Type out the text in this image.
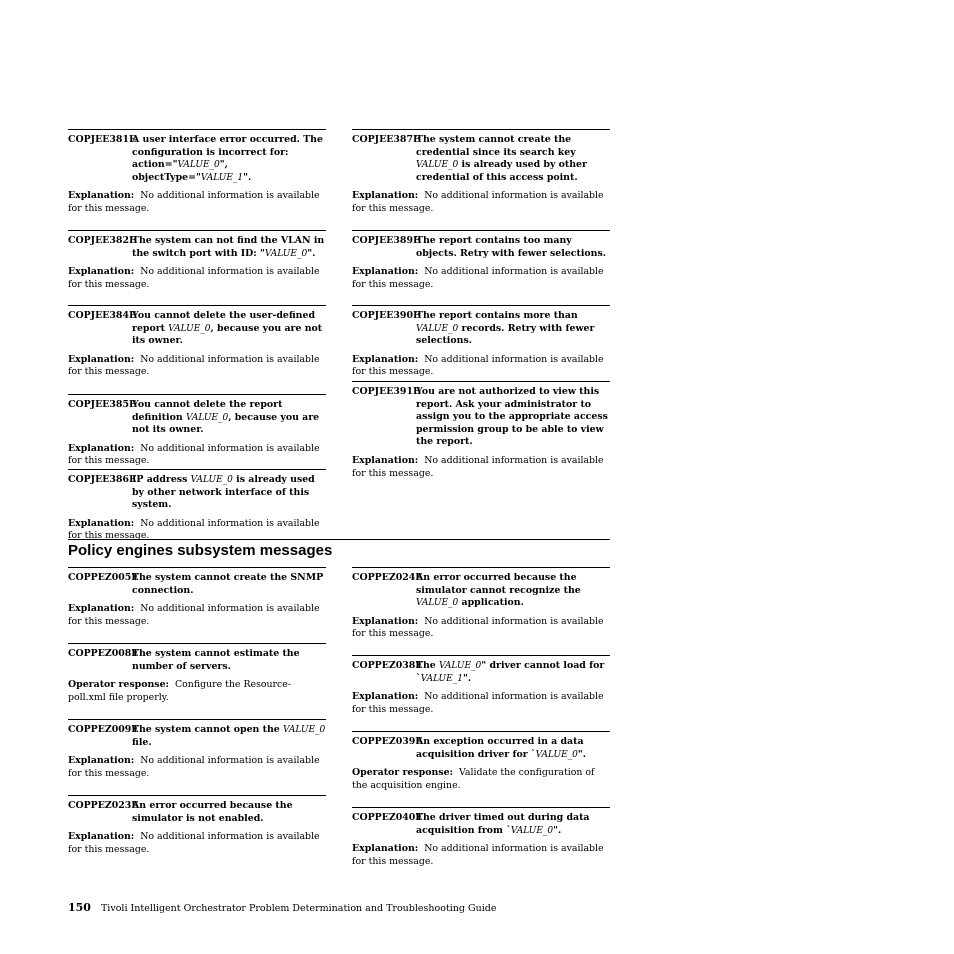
COPJEE381E
A user interface error occurred. The configuration is incorrect for: action="VALUE_0", objectType="VALUE_1".
Explanation: No additional information is available for this message.
COPJEE382E
The system can not find the VLAN in the switch port with ID: "VALUE_0".
Explanation: No additional information is available for this message.
COPJEE384E
You cannot delete the user-defined report VALUE_0, because you are not its owner.
Explanation: No additional information is available for this message.
COPJEE385E
You cannot delete the report definition VALUE_0, because you are not its owner.
Explanation: No additional information is available for this message.
COPJEE386E
IP address VALUE_0 is already used by other network interface of this system.
Explanation: No additional information is available for this message.
COPJEE387E
The system cannot create the credential since its search key VALUE_0 is already used by other credential of this access point.
Explanation: No additional information is available for this message.
COPJEE389E
The report contains too many objects. Retry with fewer selections.
Explanation: No additional information is available for this message.
COPJEE390E
The report contains more than VALUE_0 records. Retry with fewer selections.
Explanation: No additional information is available for this message.
COPJEE391E
You are not authorized to view this report. Ask your administrator to assign you to the appropriate access permission group to be able to view the report.
Explanation: No additional information is available for this message.
Policy engines subsystem messages
COPPEZ005E
The system cannot create the SNMP connection.
Explanation: No additional information is available for this message.
COPPEZ008E
The system cannot estimate the number of servers.
Operator response: Configure the Resource-poll.xml file properly.
COPPEZ009E
The system cannot open the VALUE_0 file.
Explanation: No additional information is available for this message.
COPPEZ023E
An error occurred because the simulator is not enabled.
Explanation: No additional information is available for this message.
COPPEZ024E
An error occurred because the simulator cannot recognize the VALUE_0 application.
Explanation: No additional information is available for this message.
COPPEZ038E
The VALUE_0" driver cannot load for `VALUE_1".
Explanation: No additional information is available for this message.
COPPEZ039E
An exception occurred in a data acquisition driver for `VALUE_0".
Operator response: Validate the configuration of the acquisition engine.
COPPEZ040E
The driver timed out during data acquisition from `VALUE_0".
Explanation: No additional information is available for this message.
150 Tivoli Intelligent Orchestrator Problem Determination and Troubleshooting Guide
